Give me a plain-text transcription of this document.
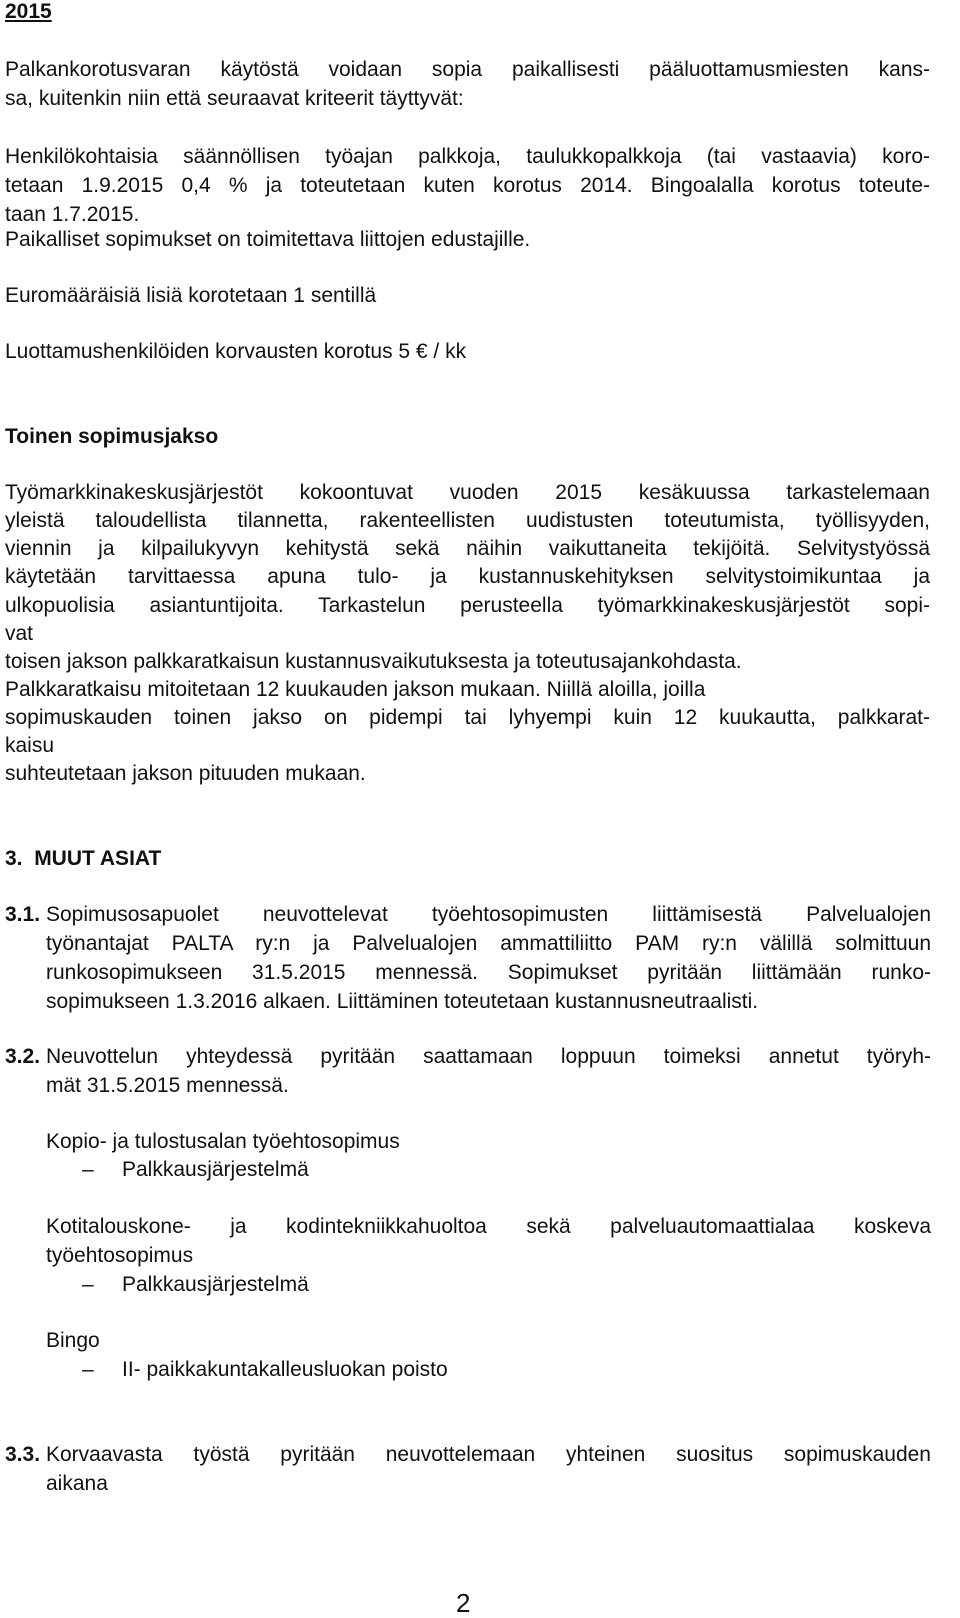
2015
Palkankorotusvaran käytöstä voidaan sopia paikallisesti pääluottamusmiesten kans-
sa, kuitenkin niin että seuraavat kriteerit täyttyvät:
Henkilökohtaisia säännöllisen työajan palkkoja, taulukkopalkkoja (tai vastaavia) koro-
tetaan 1.9.2015 0,4 % ja toteutetaan kuten korotus 2014. Bingoalalla korotus toteute-
taan 1.7.2015.
Paikalliset sopimukset on toimitettava liittojen edustajille.
Euromääräisiä lisiä korotetaan 1 sentillä
Luottamushenkilöiden korvausten korotus 5 € / kk
Toinen sopimusjakso
Työmarkkinakeskusjärjestöt kokoontuvat vuoden 2015 kesäkuussa tarkastelemaan
yleistä taloudellista tilannetta, rakenteellisten uudistusten toteutumista, työllisyyden,
viennin ja kilpailukyvyn kehitystä sekä näihin vaikuttaneita tekijöitä. Selvitystyössä
käytetään tarvittaessa apuna tulo- ja kustannuskehityksen selvitystoimikuntaa ja
ulkopuolisia asiantuntijoita. Tarkastelun perusteella työmarkkinakeskusjärjestöt sopi-
vat
toisen jakson palkkaratkaisun kustannusvaikutuksesta ja toteutusajankohdasta.
Palkkaratkaisu mitoitetaan 12 kuukauden jakson mukaan. Niillä aloilla, joilla
sopimuskauden toinen jakso on pidempi tai lyhyempi kuin 12 kuukautta, palkkarat-
kaisu
suhteutetaan jakson pituuden mukaan.
3. MUUT ASIAT
3.1. Sopimusosapuolet neuvottelevat työehtosopimusten liittämisestä Palvelualojen
työnantajat PALTA ry:n ja Palvelualojen ammattiliitto PAM ry:n välillä solmittuun
runkosopimukseen 31.5.2015 mennessä. Sopimukset pyritään liittämään runko-
sopimukseen 1.3.2016 alkaen. Liittäminen toteutetaan kustannusneutraalisti.
3.2. Neuvottelun yhteydessä pyritään saattamaan loppuun toimeksi annetut työryh-
mät 31.5.2015 mennessä.
Kopio- ja tulostusalan työehtosopimus
– Palkkausjärjestelmä
Kotitalouskone- ja kodintekniikkahuoltoa sekä palveluautomaattialaa koskeva
työehtosopimus
– Palkkausjärjestelmä
Bingo
– II- paikkakuntakalleusluokan poisto
3.3. Korvaavasta työstä pyritään neuvottelemaan yhteinen suositus sopimuskauden
aikana
2
